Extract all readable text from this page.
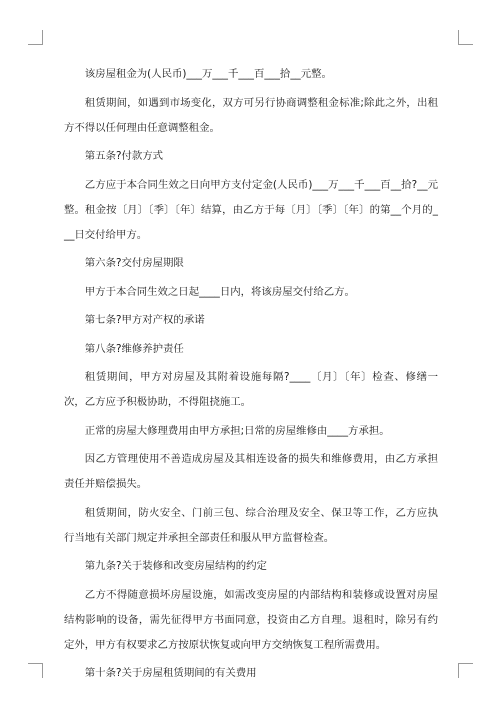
该房屋租金为(人民币)___万___千___百___拾__元整。

租赁期间，如遇到市场变化，双方可另行协商调整租金标准;除此之外，出租方不得以任何理由任意调整租金。

第五条?付款方式

乙方应于本合同生效之日向甲方支付定金(人民币)___万___千___百__拾?__元整。租金按〔月〕〔季〕〔年〕结算，由乙方于每〔月〕〔季〕〔年〕的第__个月的___日交付给甲方。

第六条?交付房屋期限

甲方于本合同生效之日起____日内，将该房屋交付给乙方。

第七条?甲方对产权的承诺

第八条?维修养护责任

租赁期间，甲方对房屋及其附着设施每隔?____〔月〕〔年〕检查、修缮一次，乙方应予积极协助，不得阻挠施工。

正常的房屋大修理费用由甲方承担;日常的房屋维修由____方承担。

因乙方管理使用不善造成房屋及其相连设备的损失和维修费用，由乙方承担责任并赔偿损失。

租赁期间，防火安全、门前三包、综合治理及安全、保卫等工作，乙方应执行当地有关部门规定并承担全部责任和服从甲方监督检查。

第九条?关于装修和改变房屋结构的约定

乙方不得随意损坏房屋设施，如需改变房屋的内部结构和装修或设置对房屋结构影响的设备，需先征得甲方书面同意，投资由乙方自理。退租时，除另有约定外，甲方有权要求乙方按原状恢复或向甲方交纳恢复工程所需费用。

第十条?关于房屋租赁期间的有关费用
